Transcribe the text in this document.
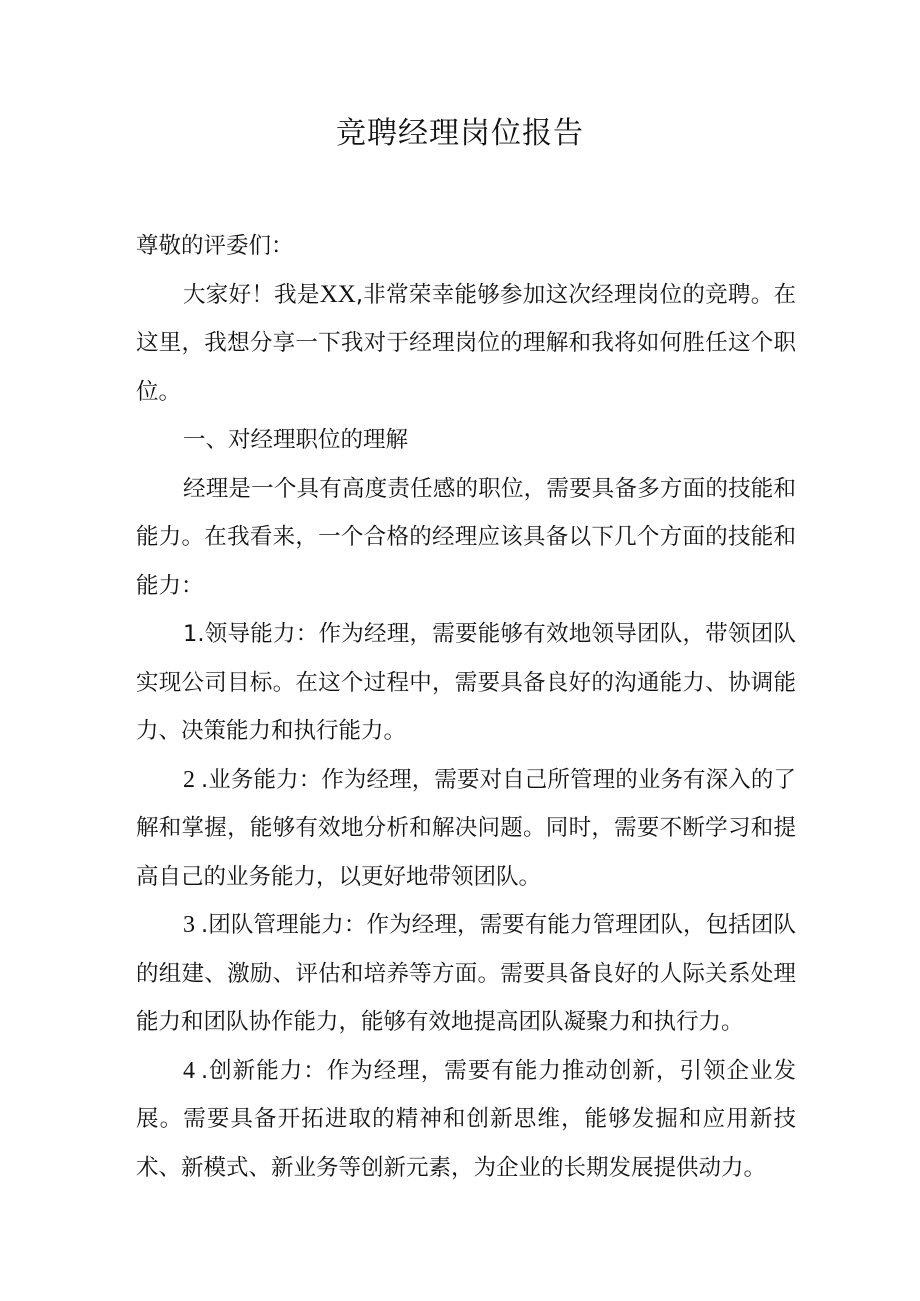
竞聘经理岗位报告

尊敬的评委们：

大家好！我是XX,非常荣幸能够参加这次经理岗位的竞聘。在这里，我想分享一下我对于经理岗位的理解和我将如何胜任这个职位。

一、对经理职位的理解

经理是一个具有高度责任感的职位，需要具备多方面的技能和能力。在我看来，一个合格的经理应该具备以下几个方面的技能和能力：

1.领导能力：作为经理，需要能够有效地领导团队，带领团队实现公司目标。在这个过程中，需要具备良好的沟通能力、协调能力、决策能力和执行能力。

2 .业务能力：作为经理，需要对自己所管理的业务有深入的了解和掌握，能够有效地分析和解决问题。同时，需要不断学习和提高自己的业务能力，以更好地带领团队。

3 .团队管理能力：作为经理，需要有能力管理团队，包括团队的组建、激励、评估和培养等方面。需要具备良好的人际关系处理能力和团队协作能力，能够有效地提高团队凝聚力和执行力。

4 .创新能力：作为经理，需要有能力推动创新，引领企业发展。需要具备开拓进取的精神和创新思维，能够发掘和应用新技术、新模式、新业务等创新元素，为企业的长期发展提供动力。
